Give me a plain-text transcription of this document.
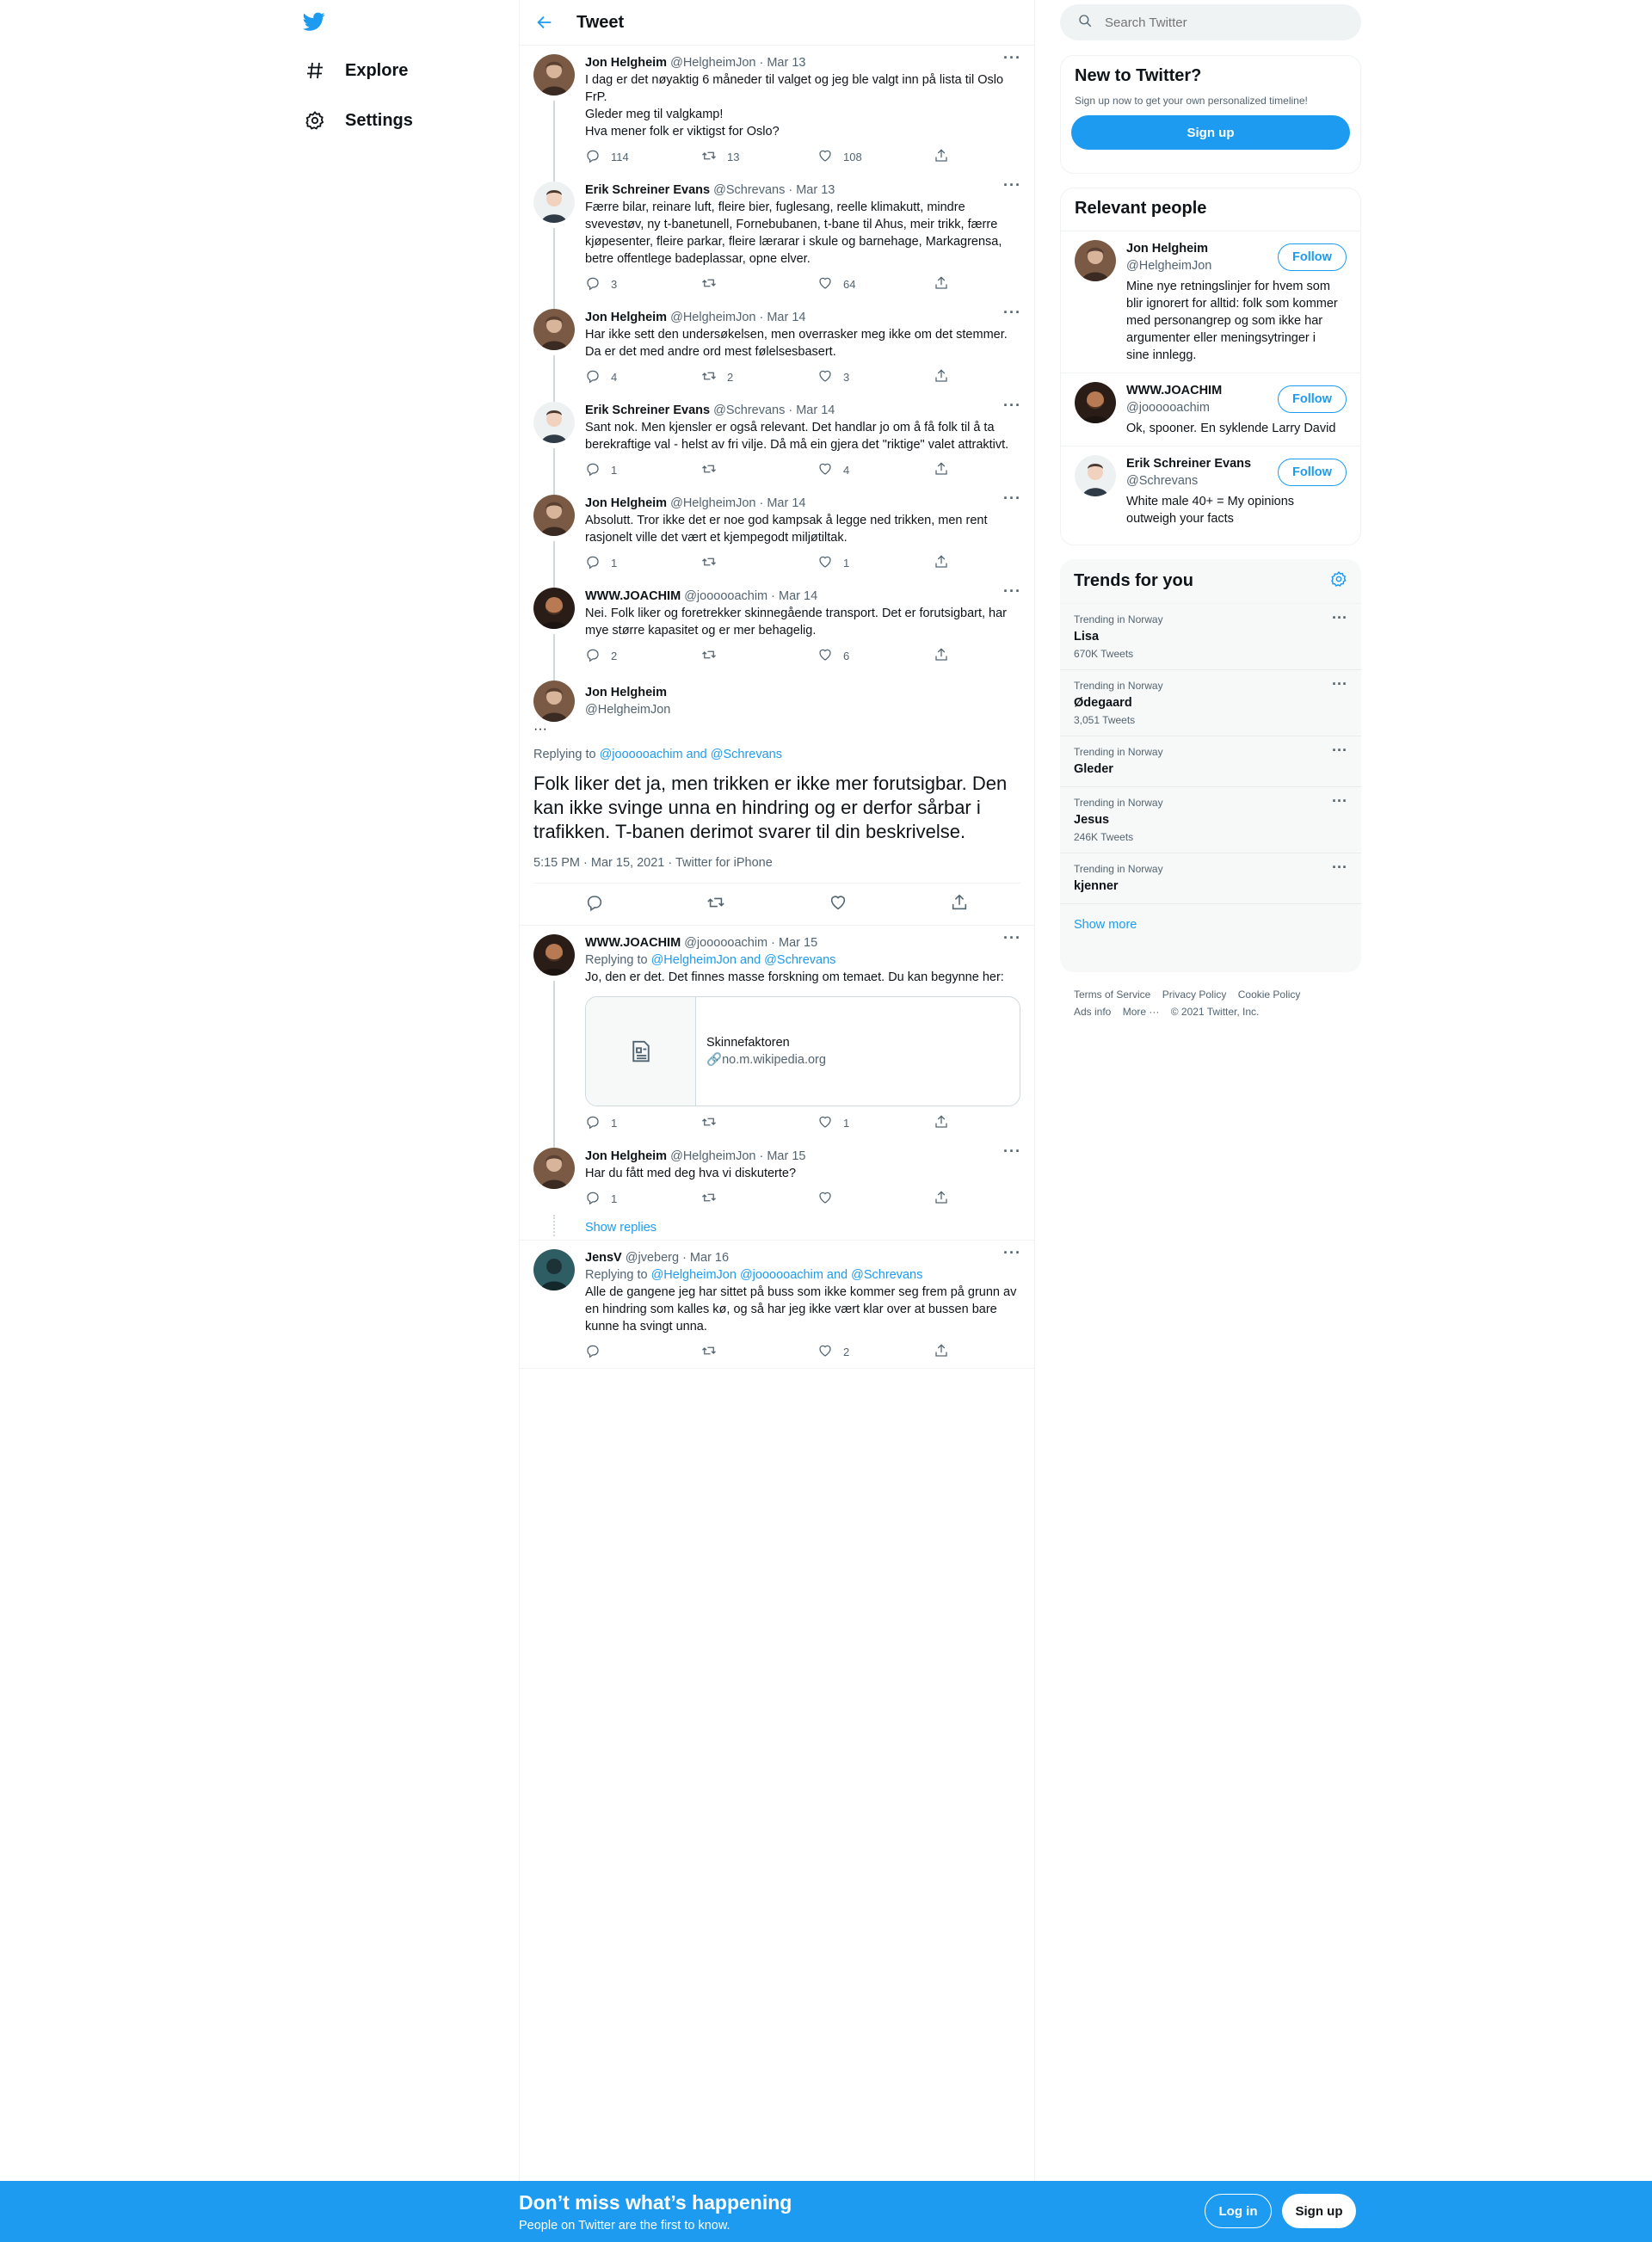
Explore
Settings
Tweet
···
Jon Helgheim @HelgheimJon · Mar 13
I dag er det nøyaktig 6 måneder til valget og jeg ble valgt inn på lista til Oslo FrP.
Gleder meg til valgkamp!
Hva mener folk er viktigst for Oslo?
114	13	108
···
Erik Schreiner Evans @Schrevans · Mar 13
Færre bilar, reinare luft, fleire bier, fuglesang, reelle klimakutt, mindre svevestøv, ny t-banetunell, Fornebubanen, t-bane til Ahus, meir trikk, færre kjøpesenter, fleire parkar, fleire lærarar i skule og barnehage, Markagrensa, betre offentlege badeplassar, opne elver.
3	64
···
Jon Helgheim @HelgheimJon · Mar 14
Har ikke sett den undersøkelsen, men overrasker meg ikke om det stemmer. Da er det med andre ord mest følelsesbasert.
4	2	3
···
Erik Schreiner Evans @Schrevans · Mar 14
Sant nok. Men kjensler er også relevant. Det handlar jo om å få folk til å ta berekraftige val - helst av fri vilje. Då må ein gjera det "riktige" valet attraktivt.
1	4
···
Jon Helgheim @HelgheimJon · Mar 14
Absolutt. Tror ikke det er noe god kampsak å legge ned trikken, men rent rasjonelt ville det vært et kjempegodt miljøtiltak.
1	1
···
WWW.JOACHIM @joooooachim · Mar 14
Nei. Folk liker og foretrekker skinnegående transport. Det er forutsigbart, har mye større kapasitet og er mer behagelig.
2	6
Jon Helgheim
@HelgheimJon
···
Replying to @joooooachim and @Schrevans
Folk liker det ja, men trikken er ikke mer forutsigbar. Den kan ikke svinge unna en hindring og er derfor sårbar i trafikken. T-banen derimot svarer til din beskrivelse.
5:15 PM · Mar 15, 2021 · Twitter for iPhone
···
WWW.JOACHIM @joooooachim · Mar 15
Replying to @HelgheimJon and @Schrevans
Jo, den er det. Det finnes masse forskning om temaet. Du kan begynne her:
Skinnefaktoren
🔗no.m.wikipedia.org
1	1
···
Jon Helgheim @HelgheimJon · Mar 15
Har du fått med deg hva vi diskuterte?
1
Show replies
···
JensV @jveberg · Mar 16
Replying to @HelgheimJon @joooooachim and @Schrevans
Alle de gangene jeg har sittet på buss som ikke kommer seg frem på grunn av en hindring som kalles kø, og så har jeg ikke vært klar over at bussen bare kunne ha svingt unna.
2
Search Twitter
New to Twitter?

Sign up now to get your own personalized timeline!

Sign up
Relevant people
Follow
Jon Helgheim
@HelgheimJon
Mine nye retningslinjer for hvem som blir ignorert for alltid: folk som kommer med personangrep og som ikke har argumenter eller meningsytringer i sine innlegg.
Follow
WWW.JOACHIM
@joooooachim
Ok, spooner. En syklende Larry David
Follow
Erik Schreiner Evans
@Schrevans
White male 40+ = My opinions outweigh your facts
Trends for you
Trending in Norway
Lisa
670K Tweets
···
Trending in Norway
Ødegaard
3,051 Tweets
···
Trending in Norway
Gleder
···
Trending in Norway
Jesus
246K Tweets
···
Trending in Norway
kjenner
···
Show more
Terms of Service Privacy Policy Cookie Policy
Ads info More ··· © 2021 Twitter, Inc.
Don’t miss what’s happening
People on Twitter are the first to know.
Log in	Sign up
